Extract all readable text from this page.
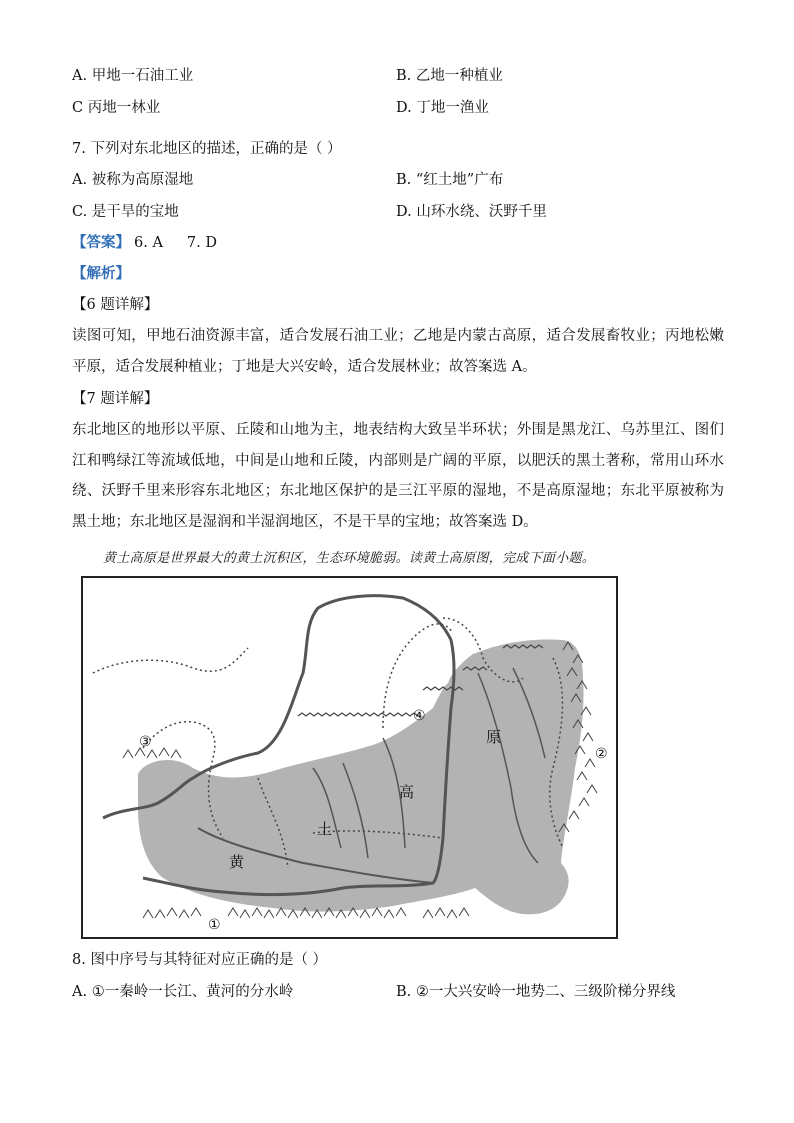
A. 甲地一石油工业	B. 乙地一种植业
C 丙地一林业	D. 丁地一渔业
7. 下列对东北地区的描述，正确的是（ ）
A. 被称为高原湿地	B. “红土地”广布
C. 是干旱的宝地	D. 山环水绕、沃野千里
【答案】 6. A 7. D
【解析】
【6 题详解】
读图可知，甲地石油资源丰富，适合发展石油工业；乙地是内蒙古高原，适合发展畜牧业；丙地松嫩平原，适合发展种植业；丁地是大兴安岭，适合发展林业；故答案选 A。
【7 题详解】
东北地区的地形以平原、丘陵和山地为主，地表结构大致呈半环状；外围是黑龙江、乌苏里江、图们江和鸭绿江等流域低地，中间是山地和丘陵，内部则是广阔的平原，以肥沃的黑土著称，常用山环水绕、沃野千里来形容东北地区；东北地区保护的是三江平原的湿地，不是高原湿地；东北平原被称为黑土地；东北地区是湿润和半湿润地区，不是干旱的宝地；故答案选 D。
黄土高原是世界最大的黄土沉积区，生态环境脆弱。读黄土高原图，完成下面小题。
黄
土
高
原
①
②
③
④
8. 图中序号与其特征对应正确的是（ ）
A. ①一秦岭一长江、黄河的分水岭	B. ②一大兴安岭一地势二、三级阶梯分界线
